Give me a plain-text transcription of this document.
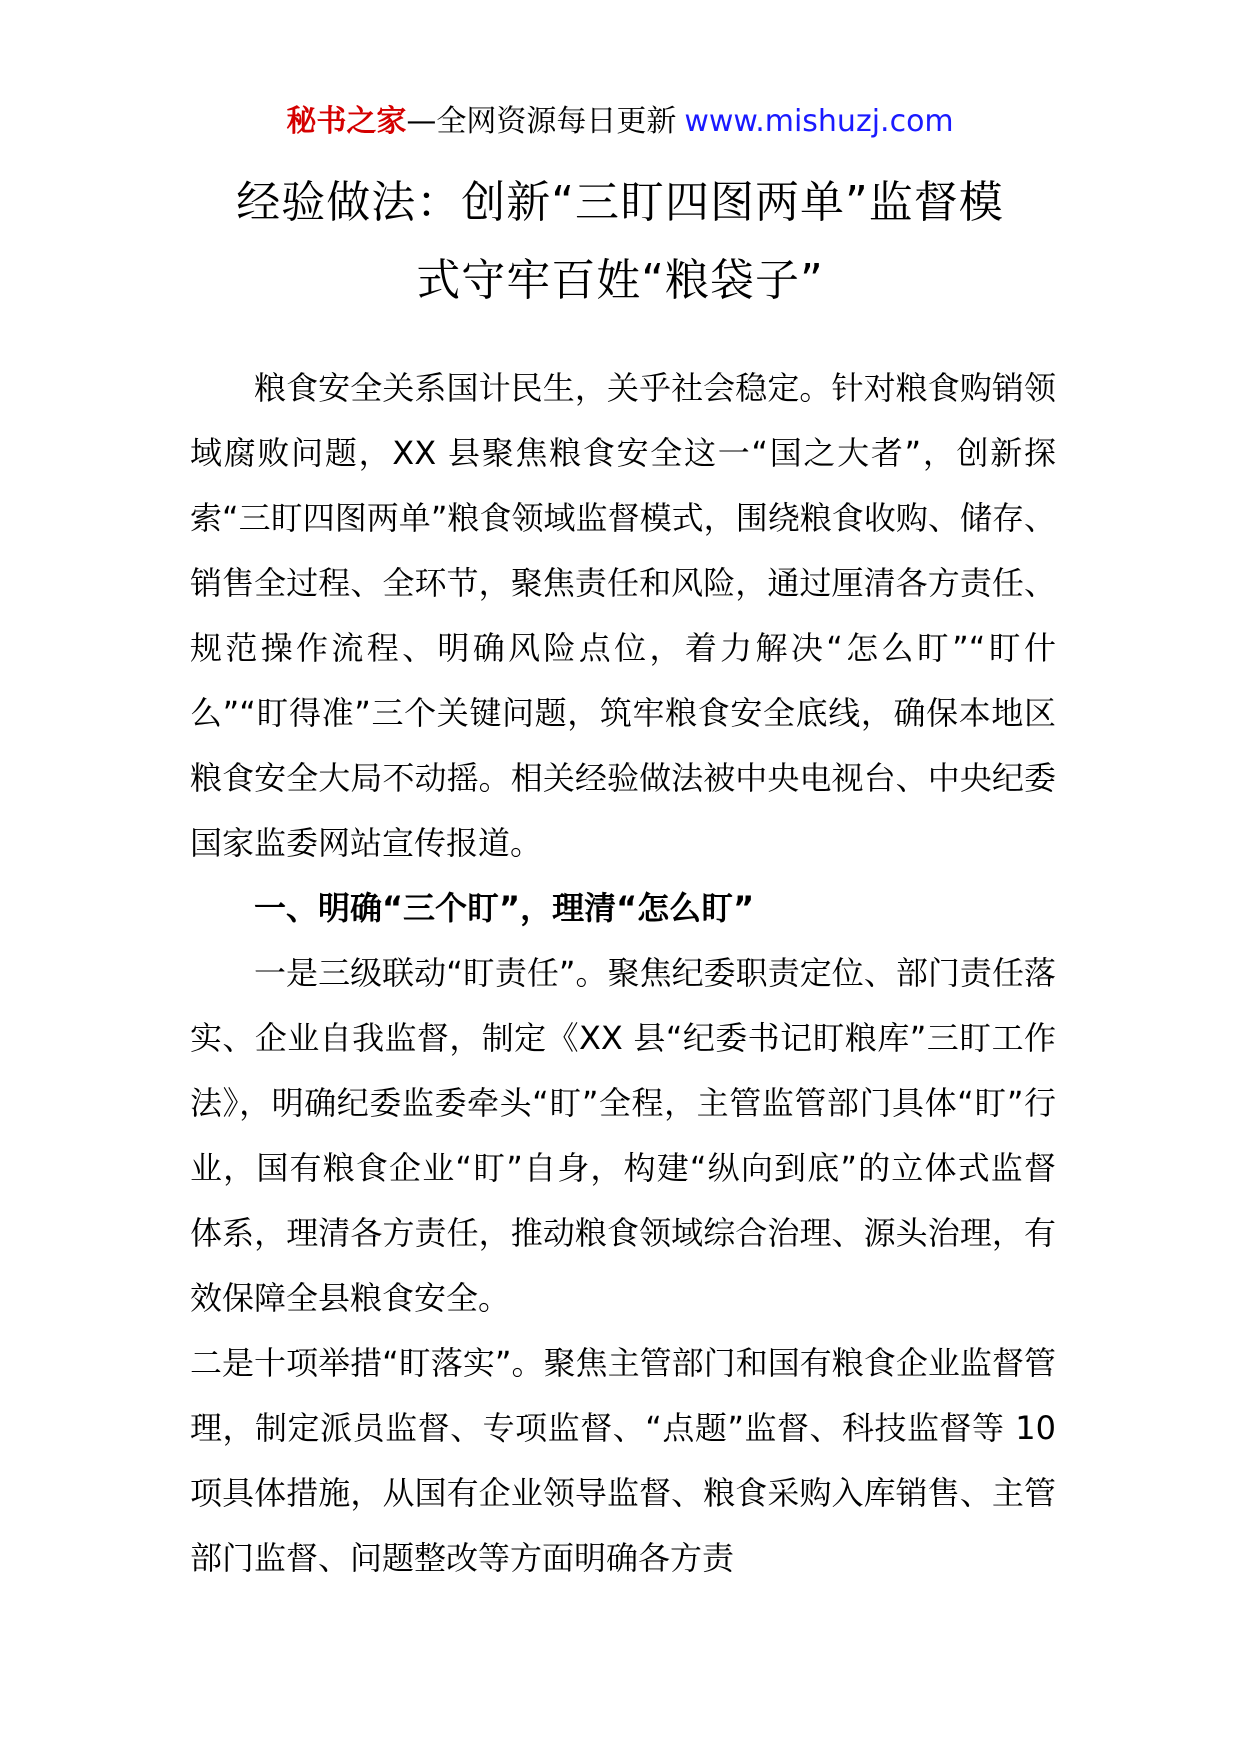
秘书之家—全网资源每日更新 www.mishuzj.com
经验做法：创新“三盯四图两单”监督模
式守牢百姓“粮袋子”

粮食安全关系国计民生，关乎社会稳定。针对粮食购销领域腐败问题，XX 县聚焦粮食安全这一“国之大者”，创新探索“三盯四图两单”粮食领域监督模式，围绕粮食收购、储存、销售全过程、全环节，聚焦责任和风险，通过厘清各方责任、规范操作流程、明确风险点位，着力解决“怎么盯”“盯什么”“盯得准”三个关键问题，筑牢粮食安全底线，确保本地区粮食安全大局不动摇。相关经验做法被中央电视台、中央纪委国家监委网站宣传报道。

一、明确“三个盯”，理清“怎么盯”

一是三级联动“盯责任”。聚焦纪委职责定位、部门责任落实、企业自我监督，制定《XX 县“纪委书记盯粮库”三盯工作法》，明确纪委监委牵头“盯”全程，主管监管部门具体“盯”行业，国有粮食企业“盯”自身，构建“纵向到底”的立体式监督体系，理清各方责任，推动粮食领域综合治理、源头治理，有效保障全县粮食安全。

二是十项举措“盯落实”。聚焦主管部门和国有粮食企业监督管理，制定派员监督、专项监督、“点题”监督、科技监督等 10 项具体措施，从国有企业领导监督、粮食采购入库销售、主管部门监督、问题整改等方面明确各方责
